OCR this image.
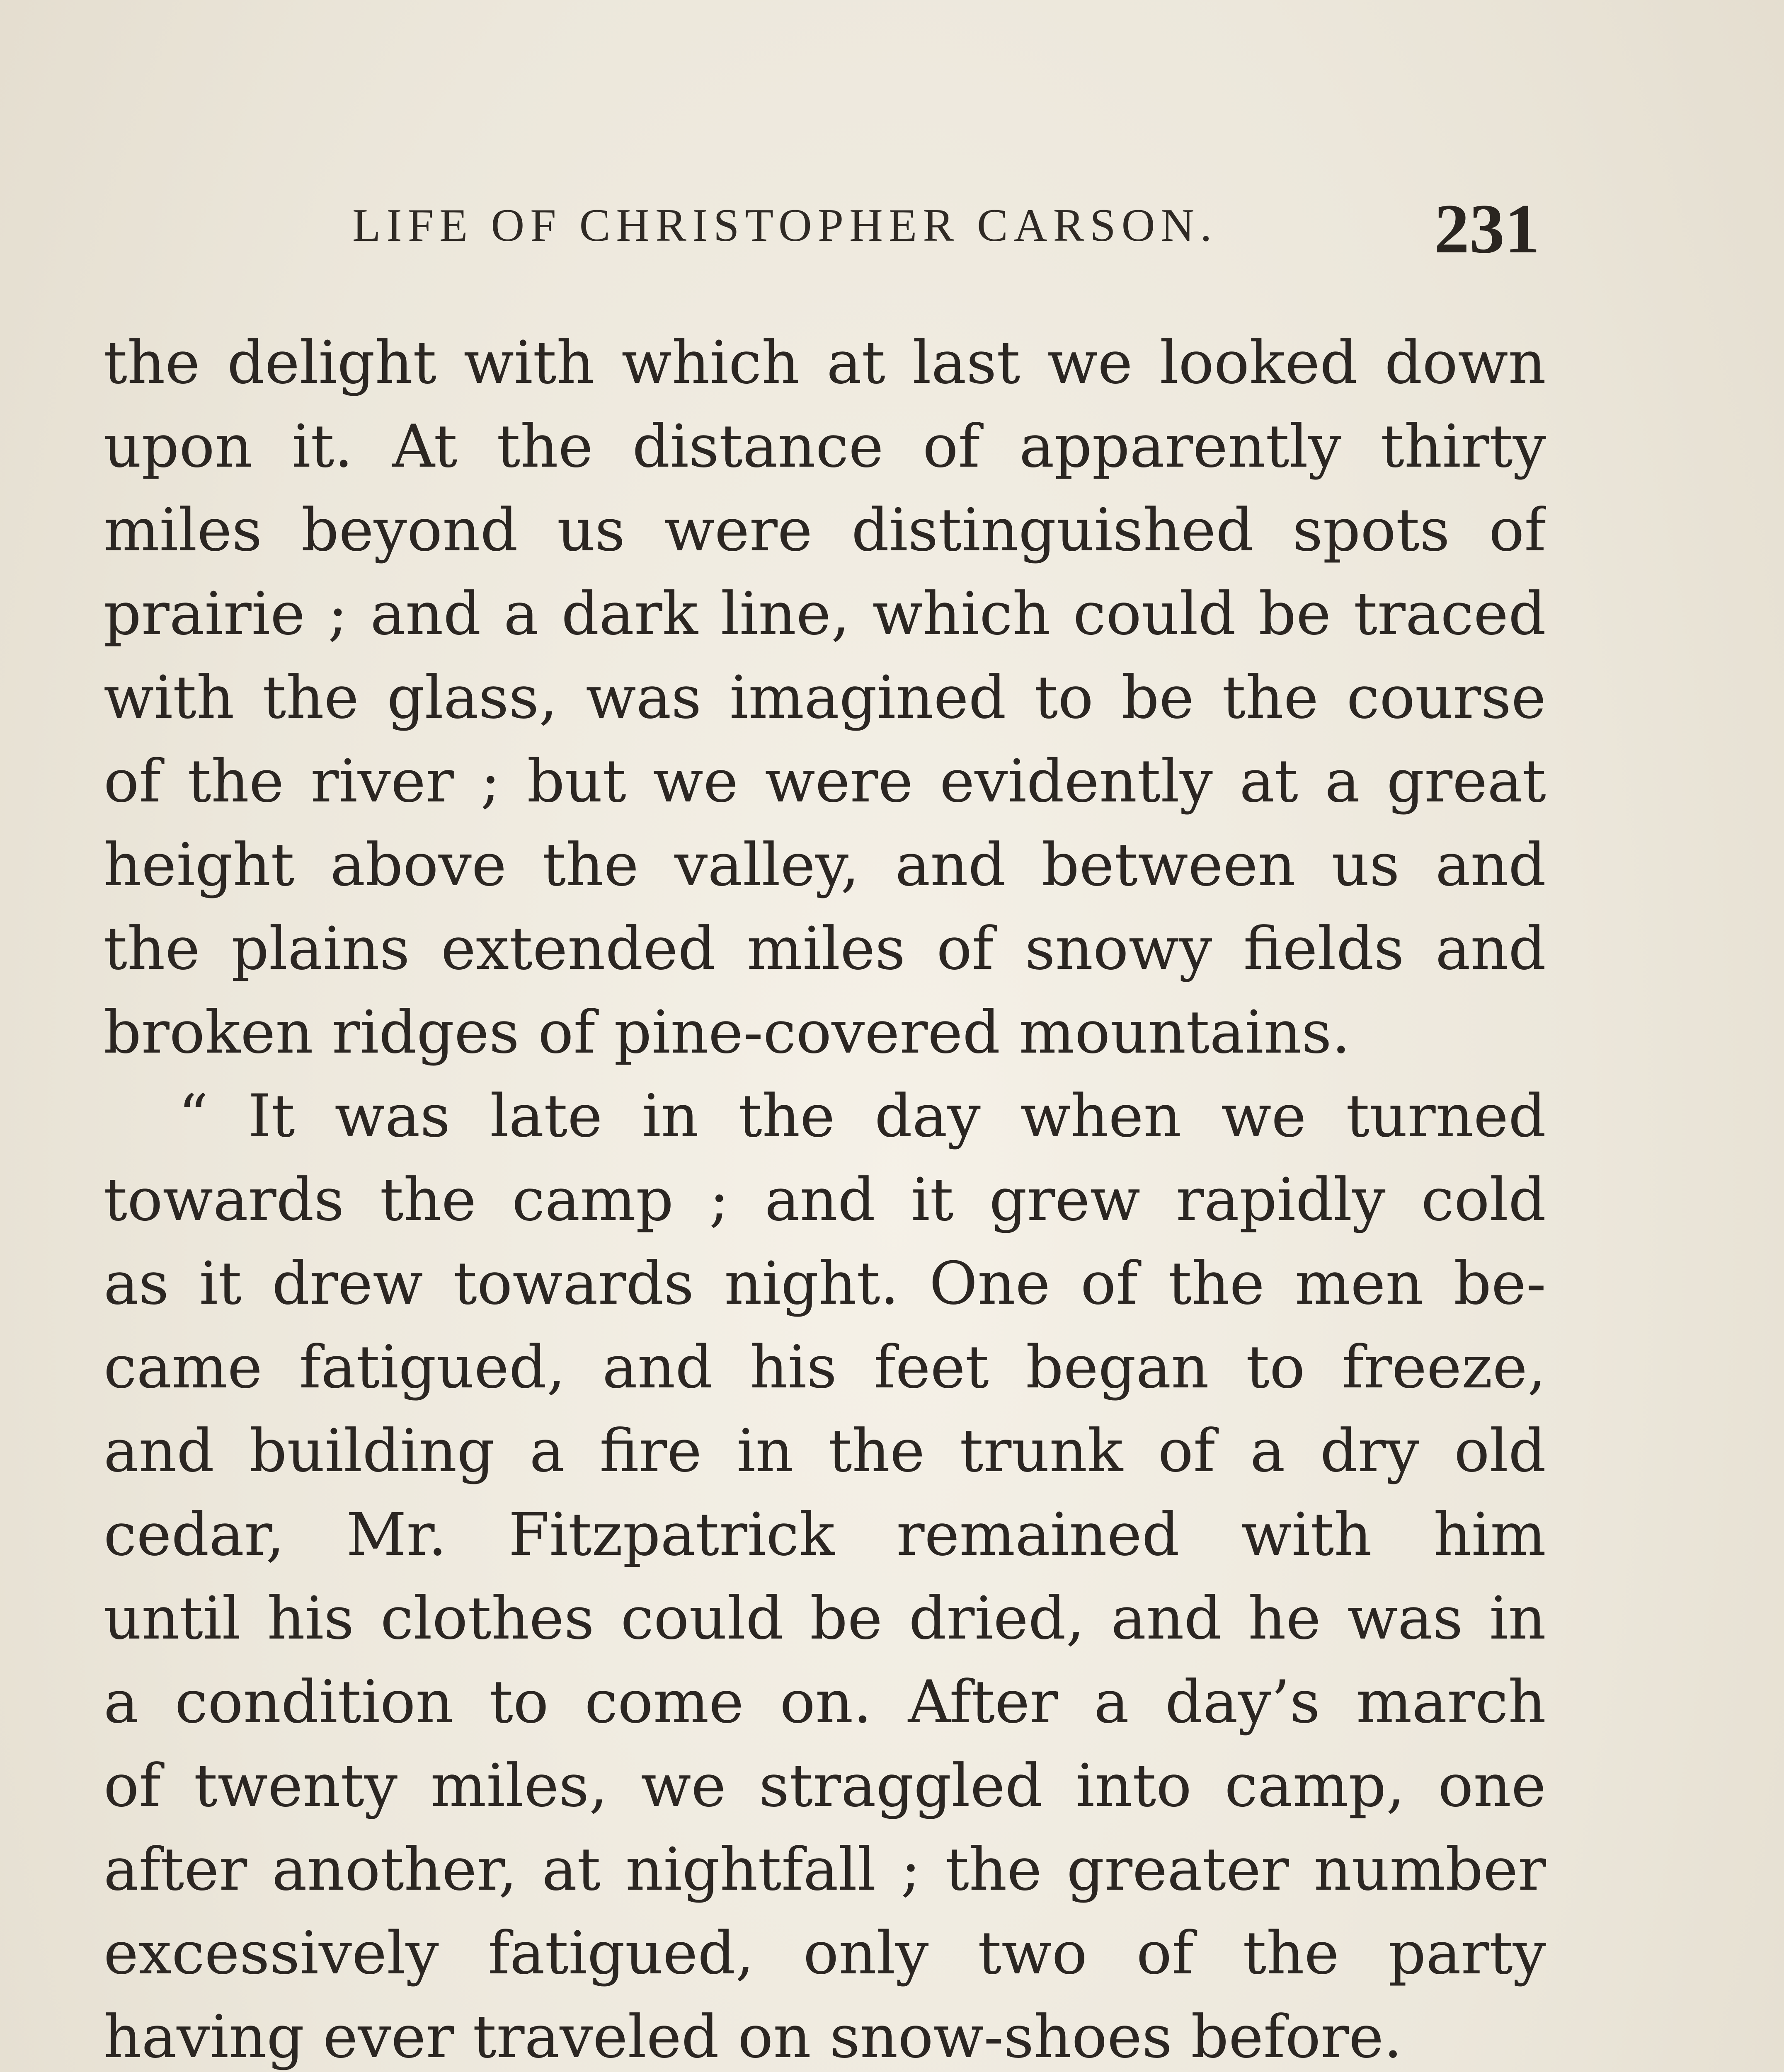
LIFE OF CHRISTOPHER CARSON.	231
the delight with which at last we looked down
upon it. At the distance of apparently thirty
miles beyond us were distinguished spots of
prairie ; and a dark line, which could be traced
with the glass, was imagined to be the course
of the river ; but we were evidently at a great
height above the valley, and between us and
the plains extended miles of snowy fields and
broken ridges of pine-covered mountains.
“ It was late in the day when we turned
towards the camp ; and it grew rapidly cold
as it drew towards night. One of the men be-
came fatigued, and his feet began to freeze,
and building a fire in the trunk of a dry old
cedar, Mr. Fitzpatrick remained with him
until his clothes could be dried, and he was in
a condition to come on. After a day’s march
of twenty miles, we straggled into camp, one
after another, at nightfall ; the greater number
excessively fatigued, only two of the party
having ever traveled on snow-shoes before.
